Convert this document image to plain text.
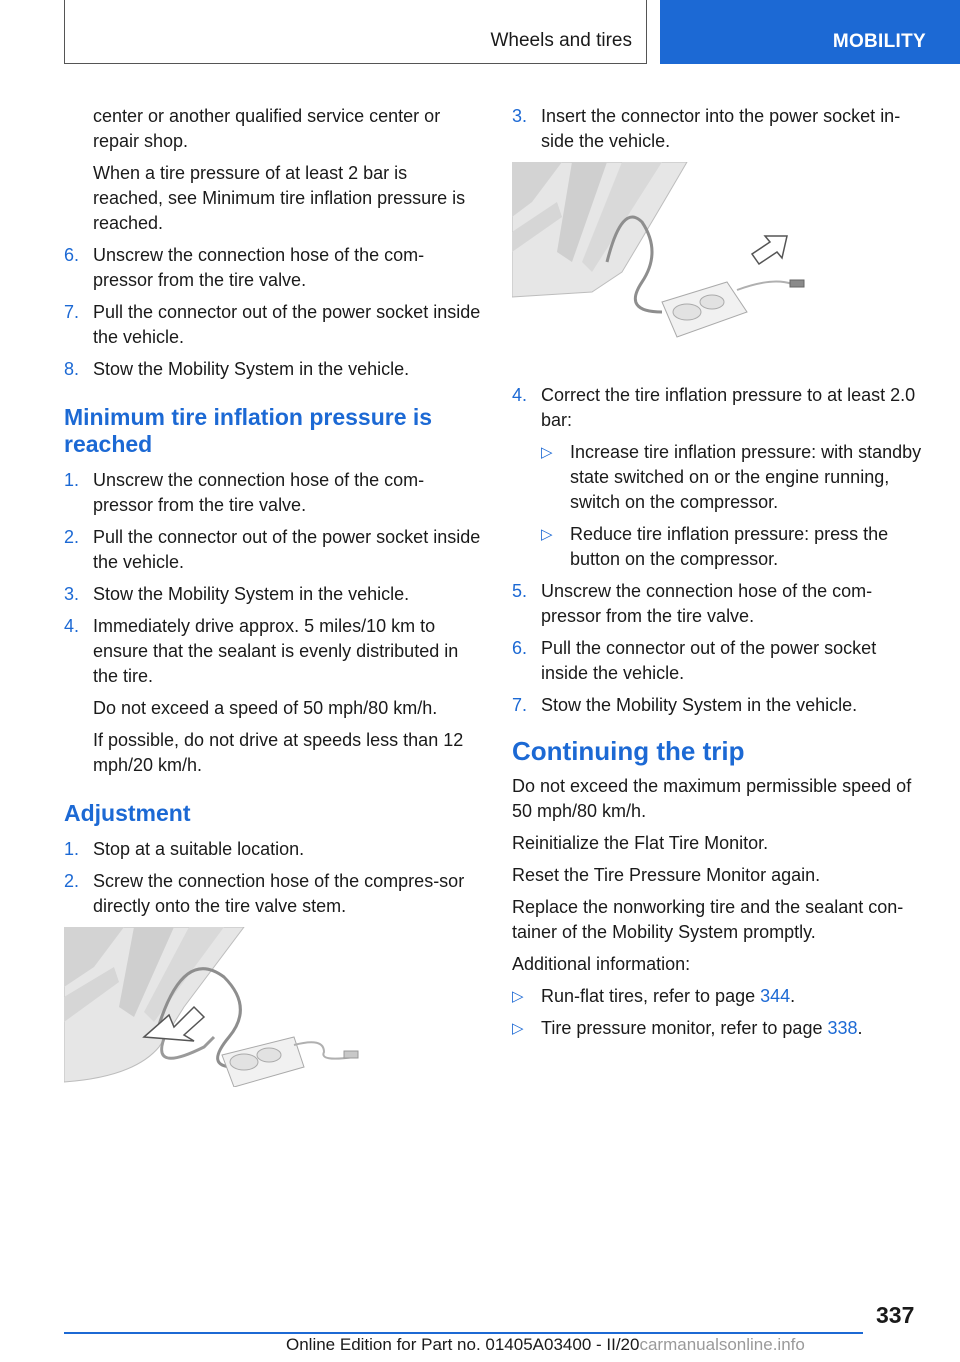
Wheels and tires	MOBILITY

center or another qualified service center or repair shop.

When a tire pressure of at least 2 bar is reached, see Minimum tire inflation pressure is reached.

6. Unscrew the connection hose of the com-pressor from the tire valve.
7. Pull the connector out of the power socket inside the vehicle.
8. Stow the Mobility System in the vehicle.
Minimum tire inflation pressure is reached
1. Unscrew the connection hose of the com-pressor from the tire valve.
2. Pull the connector out of the power socket inside the vehicle.
3. Stow the Mobility System in the vehicle.
4. Immediately drive approx. 5 miles/10 km to ensure that the sealant is evenly distributed in the tire.

Do not exceed a speed of 50 mph/80 km/h.

If possible, do not drive at speeds less than 12 mph/20 km/h.

Adjustment
1. Stop at a suitable location.
2. Screw the connection hose of the compres-sor directly onto the tire valve stem.
3. Insert the connector into the power socket in-side the vehicle.
4. Correct the tire inflation pressure to at least 2.0 bar:
▷ Increase tire inflation pressure: with standby state switched on or the engine running, switch on the compressor.
▷ Reduce tire inflation pressure: press the button on the compressor.
5. Unscrew the connection hose of the com-pressor from the tire valve.
6. Pull the connector out of the power socket inside the vehicle.
7. Stow the Mobility System in the vehicle.
Continuing the trip

Do not exceed the maximum permissible speed of 50 mph/80 km/h.

Reinitialize the Flat Tire Monitor.

Reset the Tire Pressure Monitor again.

Replace the nonworking tire and the sealant con-tainer of the Mobility System promptly.

Additional information:

▷ Run-flat tires, refer to page 344.
▷ Tire pressure monitor, refer to page 338.
337
Online Edition for Part no. 01405A03400 - II/20carmanualsonline.info
